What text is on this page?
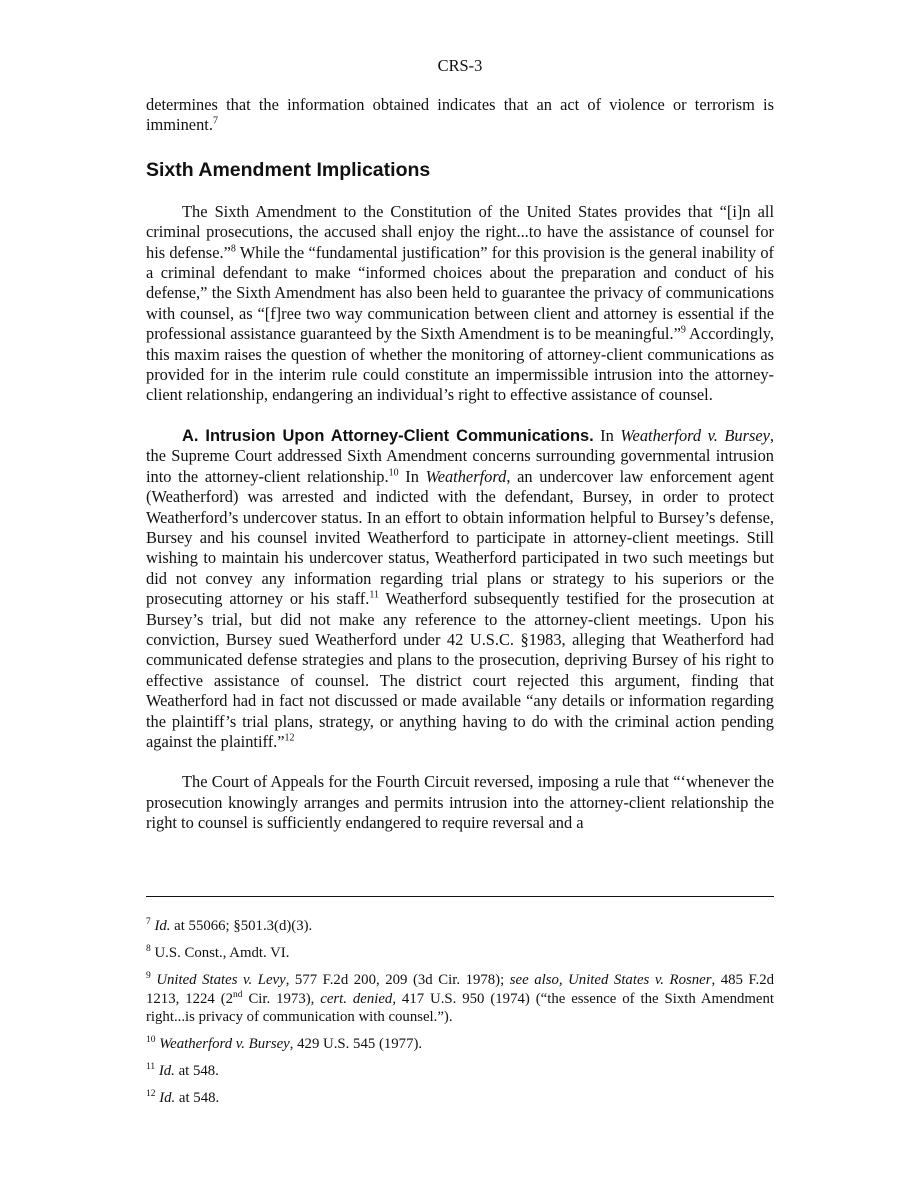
CRS-3

determines that the information obtained indicates that an act of violence or terrorism is imminent.$^7$

Sixth Amendment Implications

The Sixth Amendment to the Constitution of the United States provides that “[i]n all criminal prosecutions, the accused shall enjoy the right...to have the assistance of counsel for his defense.”$^8$ While the “fundamental justification” for this provision is the general inability of a criminal defendant to make “informed choices about the preparation and conduct of his defense,” the Sixth Amendment has also been held to guarantee the privacy of communications with counsel, as “[f]ree two way communication between client and attorney is essential if the professional assistance guaranteed by the Sixth Amendment is to be meaningful.”$^9$ Accordingly, this maxim raises the question of whether the monitoring of attorney-client communications as provided for in the interim rule could constitute an impermissible intrusion into the attorney-client relationship, endangering an individual’s right to effective assistance of counsel.

A. Intrusion Upon Attorney-Client Communications. In Weatherford v. Bursey, the Supreme Court addressed Sixth Amendment concerns surrounding governmental intrusion into the attorney-client relationship.$^{10}$ In Weatherford, an undercover law enforcement agent (Weatherford) was arrested and indicted with the defendant, Bursey, in order to protect Weatherford’s undercover status. In an effort to obtain information helpful to Bursey’s defense, Bursey and his counsel invited Weatherford to participate in attorney-client meetings. Still wishing to maintain his undercover status, Weatherford participated in two such meetings but did not convey any information regarding trial plans or strategy to his superiors or the prosecuting attorney or his staff.$^{11}$ Weatherford subsequently testified for the prosecution at Bursey’s trial, but did not make any reference to the attorney-client meetings. Upon his conviction, Bursey sued Weatherford under 42 U.S.C. §1983, alleging that Weatherford had communicated defense strategies and plans to the prosecution, depriving Bursey of his right to effective assistance of counsel. The district court rejected this argument, finding that Weatherford had in fact not discussed or made available “any details or information regarding the plaintiff’s trial plans, strategy, or anything having to do with the criminal action pending against the plaintiff.”$^{12}$

The Court of Appeals for the Fourth Circuit reversed, imposing a rule that “‘whenever the prosecution knowingly arranges and permits intrusion into the attorney-client relationship the right to counsel is sufficiently endangered to require reversal and a

$^7$ Id. at 55066; §501.3(d)(3).

$^8$ U.S. Const., Amdt. VI.

$^9$ United States v. Levy, 577 F.2d 200, 209 (3d Cir. 1978); see also, United States v. Rosner, 485 F.2d 1213, 1224 (2nd Cir. 1973), cert. denied, 417 U.S. 950 (1974) (“the essence of the Sixth Amendment right...is privacy of communication with counsel.”).

$^{10}$ Weatherford v. Bursey, 429 U.S. 545 (1977).

$^{11}$ Id. at 548.

$^{12}$ Id. at 548.
